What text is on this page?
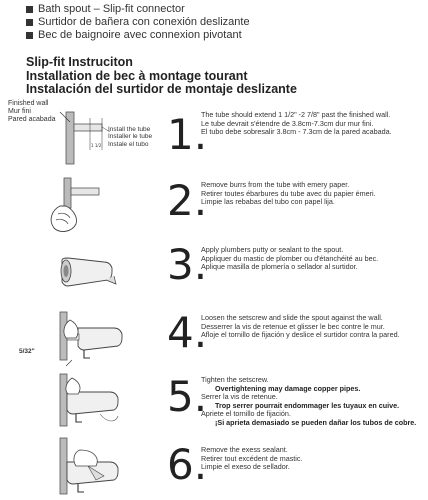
Bath spout – Slip-fit connector
Surtidor de bañera con conexión deslizante
Bec de baignoire avec connexion pivotant
Slip-fit Instruciton
Installation de bec à montage tourant
Instalación del surtidor de montaje deslizante
Finished wall
Mur fini
Pared acabada
Install the tube
Installer le tube
Instale el tubo
1 1/2 1.
The tube should extend 1 1/2" -2 7/8" past the finished wall.
Le tube devrait s'étendre de 3.8cm-7.3cm dur mur fini.
El tubo debe sobresalir 3.8cm - 7.3cm de la pared acabada.
2.
Remove burrs from the tube with emery paper.
Retirer toutes ébarbures du tube avec du papier émeri.
Limpie las rebabas del tubo con papel lija.
3.
Apply plumbers putty or sealant to the spout.
Appliquer du mastic de plomber ou d'étanchéité au bec.
Aplique masilla de plomería o sellador al surtidor.
4.
Loosen the setscrew and slide the spout against the wall.
Desserrer la vis de retenue et glisser le bec contre le mur.
Afloje el tornillo de fijación y deslice el surtidor contra la pared.
5/32"
5.
Tighten the setscrew.
Overtightening may damage copper pipes.
Serrer la vis de retenue.
Trop serrer pourrait endommager les tuyaux en cuive.
Apriete el tornillo de fijación.
¡Si aprieta demasiado se pueden dañar los tubos de cobre.
6.
Remove the exess sealant.
Retirer tout excédent de mastic.
Limpie el exeso de sellador.
